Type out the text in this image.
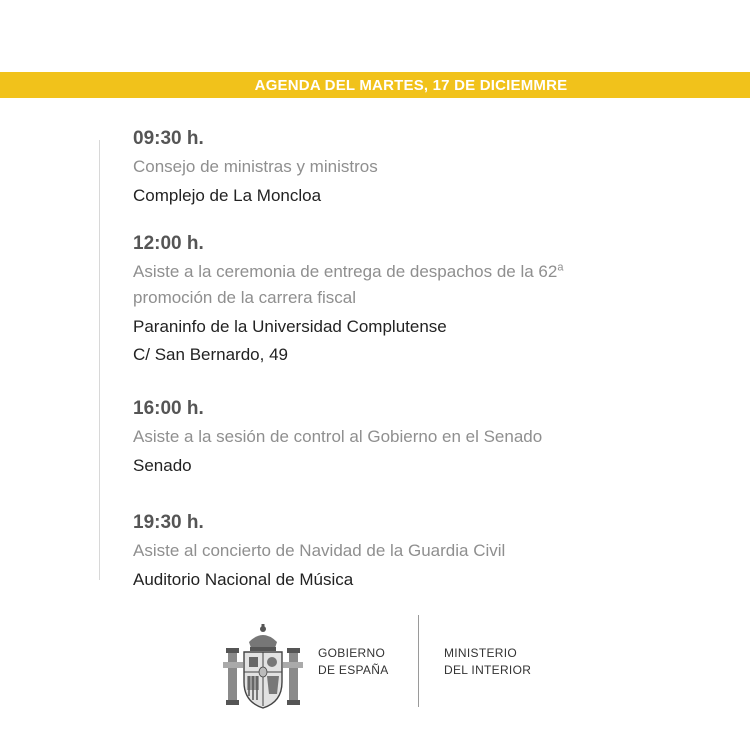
AGENDA DEL MARTES, 17 DE DICIEMMRE
09:30 h.
Consejo de ministras y ministros
Complejo de La Moncloa
12:00 h.
Asiste a la ceremonia de entrega de despachos de la 62$^a$
promoción de la carrera fiscal
Paraninfo de la Universidad Complutense
C/ San Bernardo, 49
16:00 h.
Asiste a la sesión de control al Gobierno en el Senado
Senado
19:30 h.
Asiste al concierto de Navidad de la Guardia Civil
Auditorio Nacional de Música
GOBIERNO
DE ESPAÑA
MINISTERIO
DEL INTERIOR
